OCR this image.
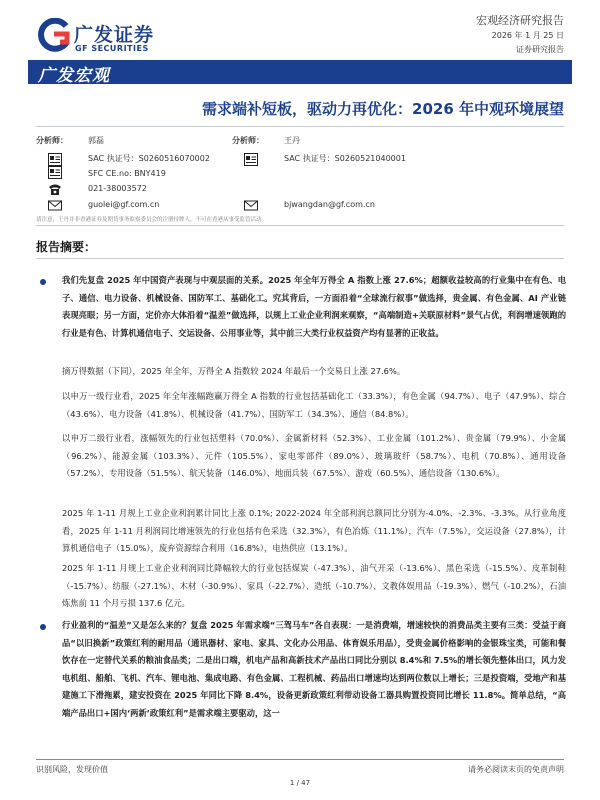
广发证券
GF SECURITIES
宏观经济研究报告
2026 年 1 月 25 日
证券研究报告
广发宏观
需求端补短板，驱动力再优化：2026 年中观环境展望
分析师：	郭磊	分析师：	王丹
SAC 执证号：S0260516070002	SAC 执证号：S0260521040001
SFC CE.no: BNY419
021-38003572
guolei@gf.com.cn	bjwangdan@gf.com.cn
请注意，王丹并非香港证券及期货事务监察委员会的注册持牌人，不可在香港从事受监管活动。
报告摘要：
我们先复盘 2025 年中国资产表现与中观层面的关系。2025 年全年万得全 A 指数上涨 27.6%；超额收益较高的行业集中在有色、电子、通信、电力设备、机械设备、国防军工、基础化工。究其背后，一方面沿着“全球流行叙事”做选择，贵金属、有色金属、AI 产业链表现亮眼；另一方面，定价亦大体沿着“温差”做选择，以规上工业企业利润来观察，“高端制造+关联原材料”景气占优，利润增速领跑的行业是有色、计算机通信电子、交运设备、公用事业等，其中前三大类行业权益资产均有显著的正收益。
摘万得数据（下同），2025 年全年，万得全 A 指数较 2024 年最后一个交易日上涨 27.6%。
以申万一级行业看，2025 年全年涨幅跑赢万得全 A 指数的行业包括基础化工（33.3%），有色金属（94.7%）、电子（47.9%）、综合（43.6%）、电力设备（41.8%）、机械设备（41.7%）、国防军工（34.3%）、通信（84.8%）。
以申万二级行业看，涨幅领先的行业包括塑料（70.0%）、金属新材料（52.3%）、工业金属（101.2%）、贵金属（79.9%）、小金属（96.2%）、能源金属（103.3%）、元件（105.5%）、家电零部件（89.0%）、玻璃玻纤（58.7%）、电机（70.8%）、通用设备（57.2%）、专用设备（51.5%）、航天装备（146.0%）、地面兵装（67.5%）、游戏（60.5%）、通信设备（130.6%）。
2025 年 1-11 月规上工业企业利润累计同比上涨 0.1%; 2022-2024 年全部利润总额同比分别为-4.0%、-2.3%、-3.3%。从行业角度看，2025 年 1-11 月利润同比增速领先的行业包括有色采选（32.3%），有色冶炼（11.1%），汽车（7.5%），交运设备（27.8%），计算机通信电子（15.0%），废弃资源综合利用（16.8%），电热供应（13.1%）。
2025 年 1-11 月规上工业企业利润同比降幅较大的行业包括煤炭（-47.3%）、油气开采（-13.6%）、黑色采选（-15.5%）、皮革制鞋（-15.7%）、纺服（-27.1%）、木材（-30.9%）、家具（-22.7%）、造纸（-10.7%）、文教体娱用品（-19.3%）、燃气（-10.2%），石油炼焦前 11 个月亏损 137.6 亿元。
行业盈利的“温差”又是怎么来的？复盘 2025 年需求端“三驾马车”各自表现：一是消费端，增速较快的消费品类主要有三类：受益于商品“以旧换新”政策红利的耐用品（通讯器材、家电、家具、文化办公用品、体育娱乐用品），受贵金属价格影响的金银珠宝类，可能和餐饮存在一定替代关系的粮油食品类；二是出口端，机电产品和高新技术产品出口同比分别以 8.4%和 7.5%的增长领先整体出口，风力发电机组、船舶、飞机、汽车、锂电池、集成电路、有色金属、工程机械、药品出口增速均达到两位数以上增长；三是投资端，受地产和基建施工下滑拖累，建安投资在 2025 年同比下降 8.4%，设备更新政策红利带动设备工器具购置投资同比增长 11.8%。简单总结，“高端产品出口+国内‘两新’政策红利”是需求端主要驱动，这一
识别风险，发现价值	请务必阅读末页的免责声明
1 / 47
